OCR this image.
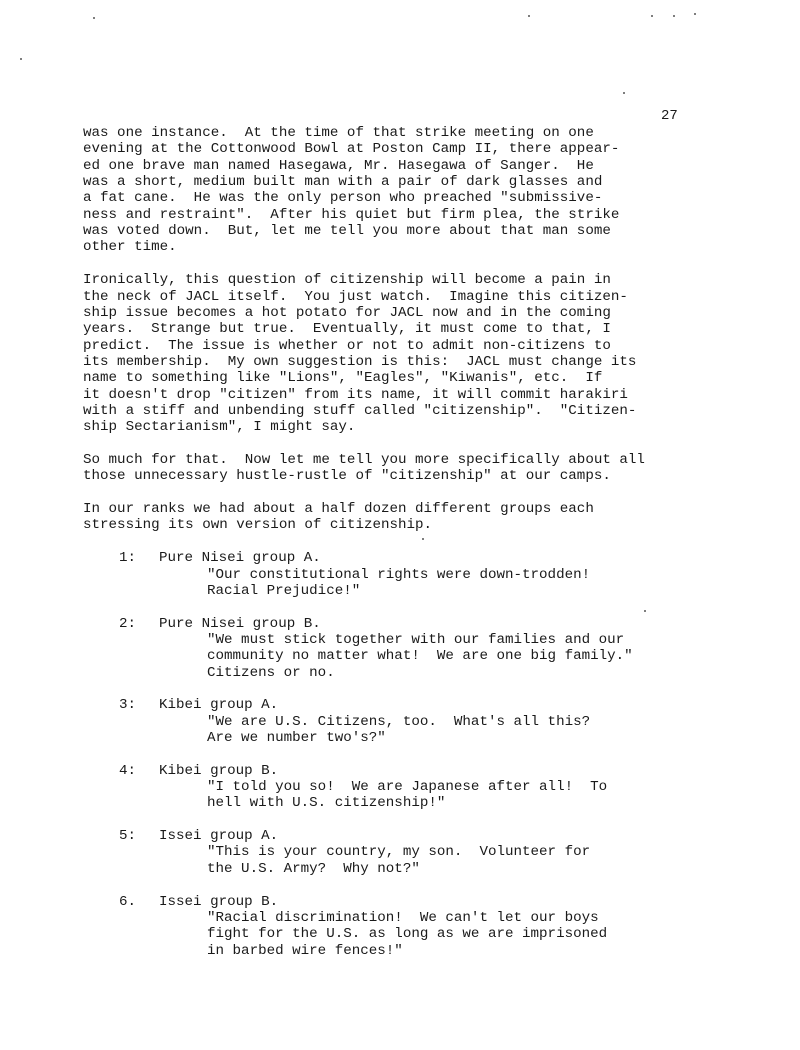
27
was one instance.  At the time of that strike meeting on one
evening at the Cottonwood Bowl at Poston Camp II, there appear-
ed one brave man named Hasegawa, Mr. Hasegawa of Sanger.  He
was a short, medium built man with a pair of dark glasses and
a fat cane.  He was the only person who preached "submissive-
ness and restraint".  After his quiet but firm plea, the strike
was voted down.  But, let me tell you more about that man some
other time.
Ironically, this question of citizenship will become a pain in
the neck of JACL itself.  You just watch.  Imagine this citizen-
ship issue becomes a hot potato for JACL now and in the coming
years.  Strange but true.  Eventually, it must come to that, I
predict.  The issue is whether or not to admit non-citizens to
its membership.  My own suggestion is this:  JACL must change its
name to something like "Lions", "Eagles", "Kiwanis", etc.  If
it doesn't drop "citizen" from its name, it will commit harakiri
with a stiff and unbending stuff called "citizenship".  "Citizen-
ship Sectarianism", I might say.
So much for that.  Now let me tell you more specifically about all
those unnecessary hustle-rustle of "citizenship" at our camps.
In our ranks we had about a half dozen different groups each
stressing its own version of citizenship.
1: Pure Nisei group A.
"Our constitutional rights were down-trodden!
Racial Prejudice!"
2: Pure Nisei group B.
"We must stick together with our families and our
community no matter what!  We are one big family."
Citizens or no.
3: Kibei group A.
"We are U.S. Citizens, too.  What's all this?
Are we number two's?"
4: Kibei group B.
"I told you so!  We are Japanese after all!  To
hell with U.S. citizenship!"
5: Issei group A.
"This is your country, my son.  Volunteer for
the U.S. Army?  Why not?"
6. Issei group B.
"Racial discrimination!  We can't let our boys
fight for the U.S. as long as we are imprisoned
in barbed wire fences!"
